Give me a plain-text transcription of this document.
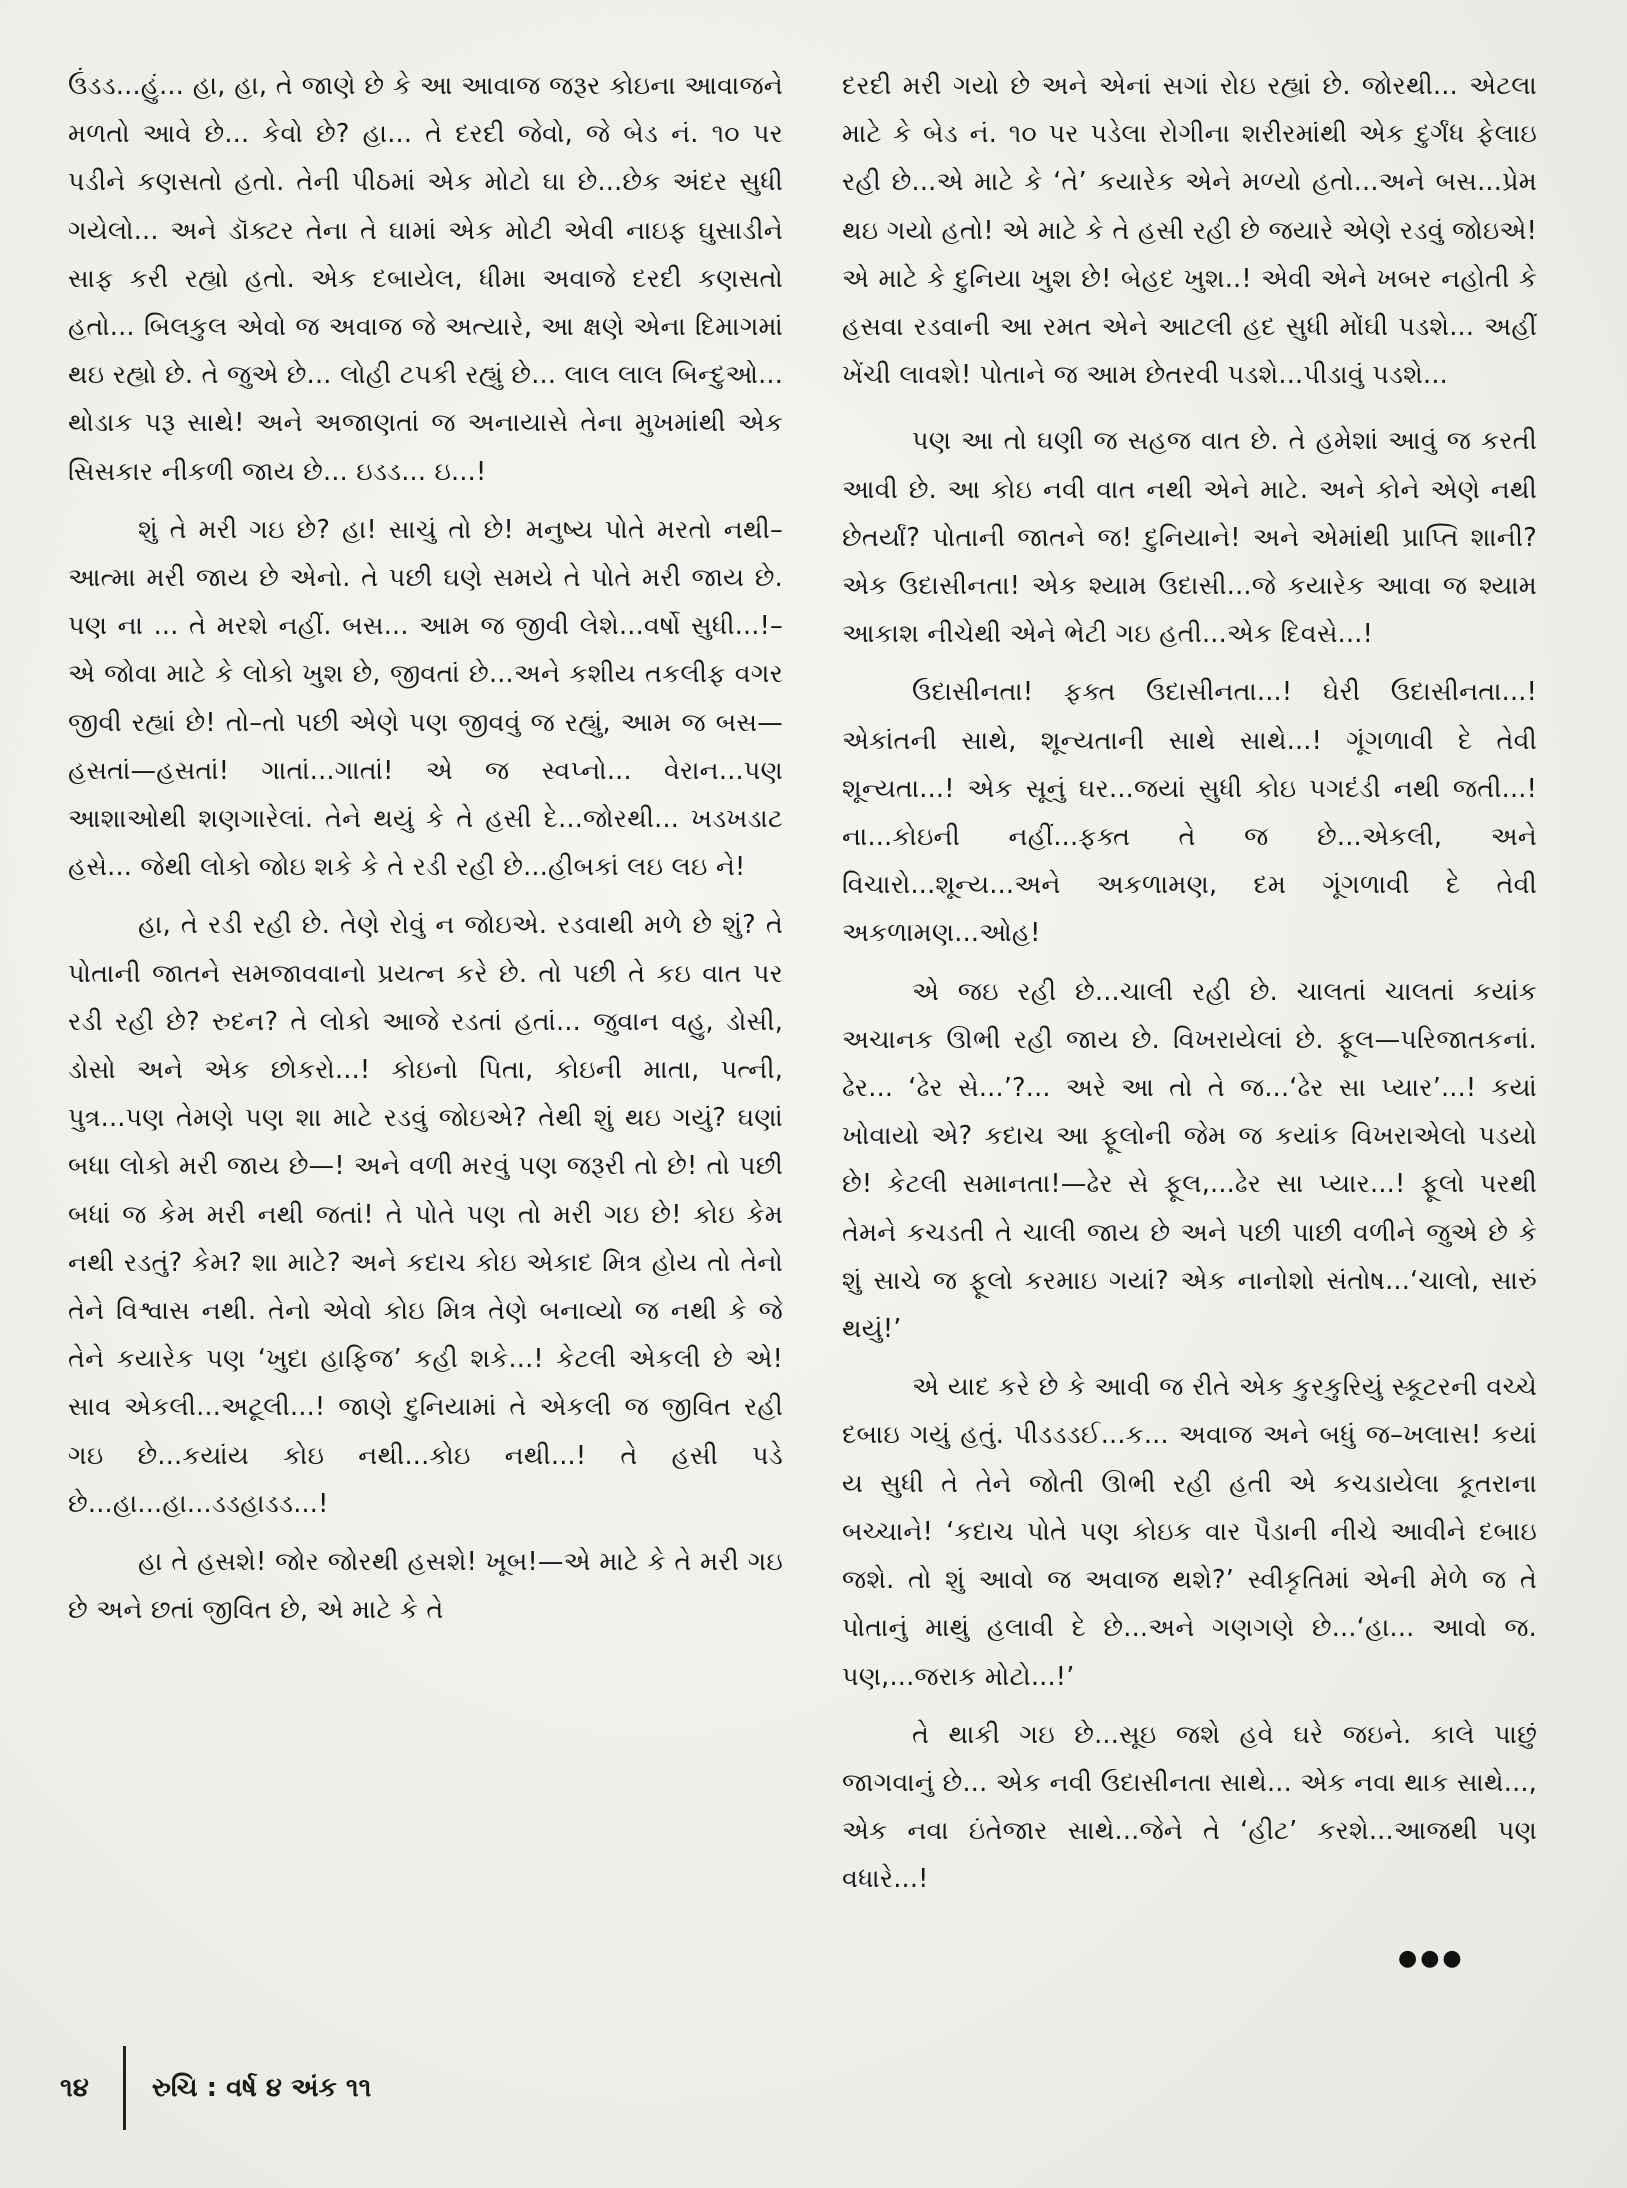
ઉંડડ...હું... હા, હા, તે જાણે છે કે આ આવાજ જરૂર કોઇના આવાજને મળતો આવે છે... કેવો છે? હા... તે દરદી જેવો, જે બેડ નં. ૧૦ પર પડીને કણસતો હતો. તેની પીઠમાં એક મોટો ઘા છે...છેક અંદર સુધી ગયેલો... અને ડૉક્ટર તેના તે ઘામાં એક મોટી એવી નાઇફ ઘુસાડીને સાફ કરી રહ્યો હતો. એક દબાયેલ, ધીમા અવાજે દરદી કણસતો હતો... બિલકુલ એવો જ અવાજ જે અત્યારે, આ ક્ષણે એના દિમાગમાં થઇ રહ્યો છે. તે જુએ છે... લોહી ટપકી રહ્યું છે... લાલ લાલ બિન્દુઓ... થોડાક પરૂ સાથે! અને અજાણતાં જ અનાયાસે તેના મુખમાંથી એક સિસકાર નીકળી જાય છે... ઇડડ... ઇ...!

શું તે મરી ગઇ છે? હા! સાચું તો છે! મનુષ્ય પોતે મરતો નથી–આત્મા મરી જાય છે એનો. તે પછી ઘણે સમયે તે પોતે મરી જાય છે. પણ ના ... તે મરશે નહીં. બસ... આમ જ જીવી લેશે...વર્ષો સુધી...!–એ જોવા માટે કે લોકો ખુશ છે, જીવતાં છે...અને કશીય તકલીફ વગર જીવી રહ્યાં છે! તો–તો પછી એણે પણ જીવવું જ રહ્યું, આમ જ બસ—હસતાં—હસતાં! ગાતાં...ગાતાં! એ જ સ્વપ્નો... વેરાન...પણ આશાઓથી શણગારેલાં. તેને થયું કે તે હસી દે...જોરથી... ખડખડાટ હસે... જેથી લોકો જોઇ શકે કે તે રડી રહી છે...હીબકાં લઇ લઇ ને!

હા, તે રડી રહી છે. તેણે રોવું ન જોઇએ. રડવાથી મળે છે શું? તે પોતાની જાતને સમજાવવાનો પ્રયત્ન કરે છે. તો પછી તે કઇ વાત પર રડી રહી છે? રુદન? તે લોકો આજે રડતાં હતાં... જુવાન વહુ, ડોસી, ડોસો અને એક છોકરો...! કોઇનો પિતા, કોઇની માતા, પત્ની, પુત્ર...પણ તેમણે પણ શા માટે રડવું જોઇએ? તેથી શું થઇ ગયું? ઘણાં બધા લોકો મરી જાય છે—! અને વળી મરવું પણ જરૂરી તો છે! તો પછી બધાં જ કેમ મરી નથી જતાં! તે પોતે પણ તો મરી ગઇ છે! કોઇ કેમ નથી રડતું? કેમ? શા માટે? અને કદાચ કોઇ એકાદ મિત્ર હોય તો તેનો તેને વિશ્વાસ નથી. તેનો એવો કોઇ મિત્ર તેણે બનાવ્યો જ નથી કે જે તેને કયારેક પણ ‘ખુદા હાફિજ’ કહી શકે...! કેટલી એકલી છે એ! સાવ એકલી...અટૂલી...! જાણે દુનિયામાં તે એકલી જ જીવિત રહી ગઇ છે...કયાંય કોઇ નથી...કોઇ નથી...! તે હસી પડે છે...હા...હા...ડડહાડડ...!

હા તે હસશે! જોર જોરથી હસશે! ખૂબ!—એ માટે કે તે મરી ગઇ છે અને છતાં જીવિત છે, એ માટે કે તે

દરદી મરી ગયો છે અને એનાં સગાં રોઇ રહ્યાં છે. જોરથી... એટલા માટે કે બેડ નં. ૧૦ પર પડેલા રોગીના શરીરમાંથી એક દુર્ગંધ ફેલાઇ રહી છે...એ માટે કે ‘તે’ કયારેક એને મળ્યો હતો...અને બસ...પ્રેમ થઇ ગયો હતો! એ માટે કે તે હસી રહી છે જયારે એણે રડવું જોઇએ! એ માટે કે દુનિયા ખુશ છે! બેહદ ખુશ..! એવી એને ખબર નહોતી કે હસવા રડવાની આ રમત એને આટલી હદ સુધી મોંઘી પડશે... અહીં ખેંચી લાવશે! પોતાને જ આમ છેતરવી પડશે...પીડાવું પડશે...

પણ આ તો ઘણી જ સહજ વાત છે. તે હમેશાં આવું જ કરતી આવી છે. આ કોઇ નવી વાત નથી એને માટે. અને કોને એણે નથી છેતર્યાં? પોતાની જાતને જ! દુનિયાને! અને એમાંથી પ્રાપ્તિ શાની? એક ઉદાસીનતા! એક શ્યામ ઉદાસી...જે કયારેક આવા જ શ્યામ આકાશ નીચેથી એને ભેટી ગઇ હતી...એક દિવસે...!

ઉદાસીનતા! ફક્ત ઉદાસીનતા...! ઘેરી ઉદાસીનતા...! એકાંતની સાથે, શૂન્યતાની સાથે સાથે...! ગૂંગળાવી દે તેવી શૂન્યતા...! એક સૂનું ઘર...જયાં સુધી કોઇ પગદંડી નથી જતી...! ના...કોઇની નહીં...ફક્ત તે જ છે...એકલી, અને વિચારો...શૂન્ય...અને અકળામણ, દમ ગૂંગળાવી દે તેવી અકળામણ...ઓહ!

એ જઇ રહી છે...ચાલી રહી છે. ચાલતાં ચાલતાં કયાંક અચાનક ઊભી રહી જાય છે. વિખરાયેલાં છે. ફૂલ—પરિજાતકનાં. ઢેર... ‘ઢેર સે...’?... અરે આ તો તે જ...‘ઢેર સા પ્યાર’...! કયાં ખોવાયો એ? કદાચ આ ફૂલોની જેમ જ કયાંક વિખરાએલો પડયો છે! કેટલી સમાનતા!—ઢેર સે ફૂલ,...ઢેર સા પ્યાર...! ફૂલો પરથી તેમને કચડતી તે ચાલી જાય છે અને પછી પાછી વળીને જુએ છે કે શું સાચે જ ફૂલો કરમાઇ ગયાં? એક નાનોશો સંતોષ...‘ચાલો, સારું થયું!’

એ યાદ કરે છે કે આવી જ રીતે એક કુરકુરિયું સ્કૂટરની વચ્ચે દબાઇ ગયું હતું. પીડડડઈ...ક... અવાજ અને બધું જ–ખલાસ! કયાં ય સુધી તે તેને જોતી ઊભી રહી હતી એ કચડાયેલા કૂતરાના બચ્ચાને! ‘કદાચ પોતે પણ કોઇક વાર પૈડાની નીચે આવીને દબાઇ જશે. તો શું આવો જ અવાજ થશે?’ સ્વીકૃતિમાં એની મેળે જ તે પોતાનું માથું હલાવી દે છે...અને ગણગણે છે...‘હા... આવો જ. પણ,...જરાક મોટો...!’

તે થાકી ગઇ છે...સૂઇ જશે હવે ઘરે જઇને. કાલે પાછું જાગવાનું છે... એક નવી ઉદાસીનતા સાથે... એક નવા થાક સાથે..., એક નવા ઇંતેજાર સાથે...જેને તે ‘હીટ’ કરશે...આજથી પણ વધારે...!

●●●
૧૪ રુચિ : વર્ષ ૪ અંક ૧૧
